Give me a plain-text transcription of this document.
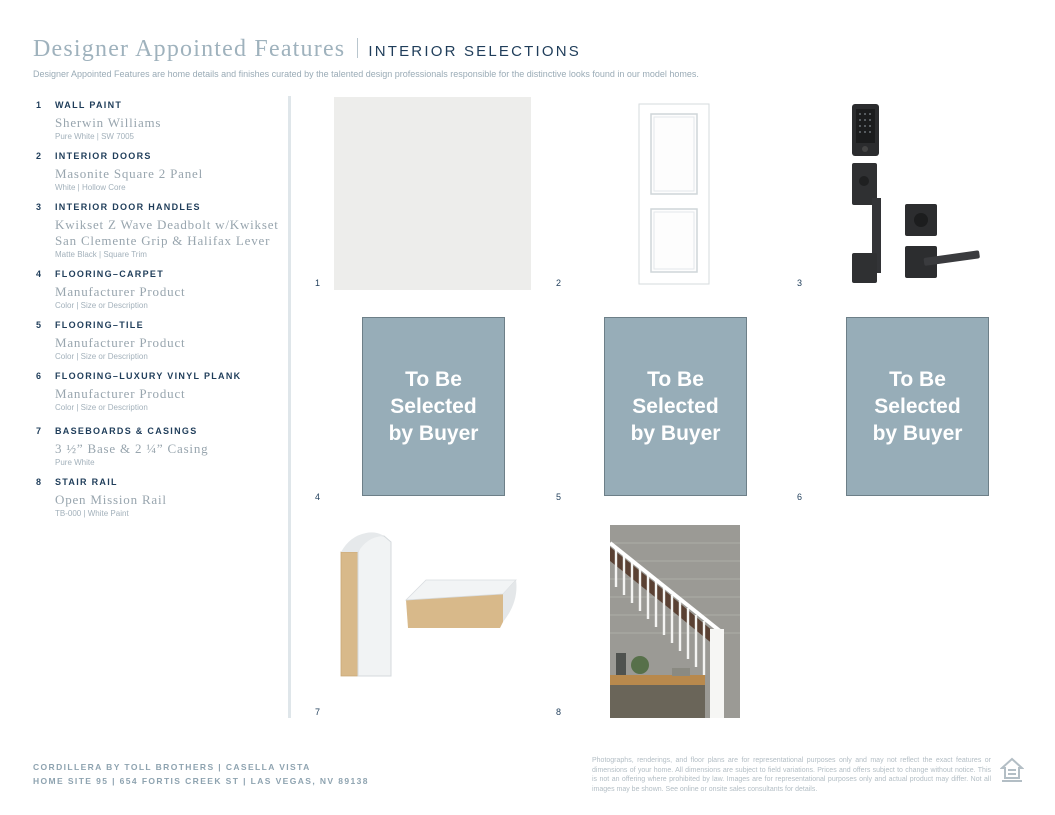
Designer Appointed Features INTERIOR SELECTIONS
Designer Appointed Features are home details and finishes curated by the talented design professionals responsible for the distinctive looks found in our model homes.
1	WALL PAINT
Sherwin Williams
Pure White | SW 7005
2	INTERIOR DOORS
Masonite Square 2 Panel
White | Hollow Core
3	INTERIOR DOOR HANDLES
Kwikset Z Wave Deadbolt w/Kwikset San Clemente Grip & Halifax Lever
Matte Black | Square Trim
4	FLOORING–CARPET
Manufacturer Product
Color | Size or Description
5	FLOORING–TILE
Manufacturer Product
Color | Size or Description
6	FLOORING–LUXURY VINYL PLANK
Manufacturer Product
Color | Size or Description
7	BASEBOARDS & CASINGS
3 ½” Base & 2 ¼” Casing
Pure White
8	STAIR RAIL
Open Mission Rail
TB-000 | White Paint
1	2	3
To Be
Selected
by Buyer
4
To Be
Selected
by Buyer
5
To Be
Selected
by Buyer
6
7	8
CORDILLERA BY TOLL BROTHERS | CASELLA VISTA
HOME SITE 95 | 654 FORTIS CREEK ST | LAS VEGAS, NV 89138
Photographs, renderings, and floor plans are for representational purposes only and may not reflect the exact features or dimensions of your home. All dimensions are subject to field variations. Prices and offers subject to change without notice. This is not an offering where prohibited by law. Images are for representational purposes only and actual product may differ. Not all images may be shown. See online or onsite sales consultants for details.
